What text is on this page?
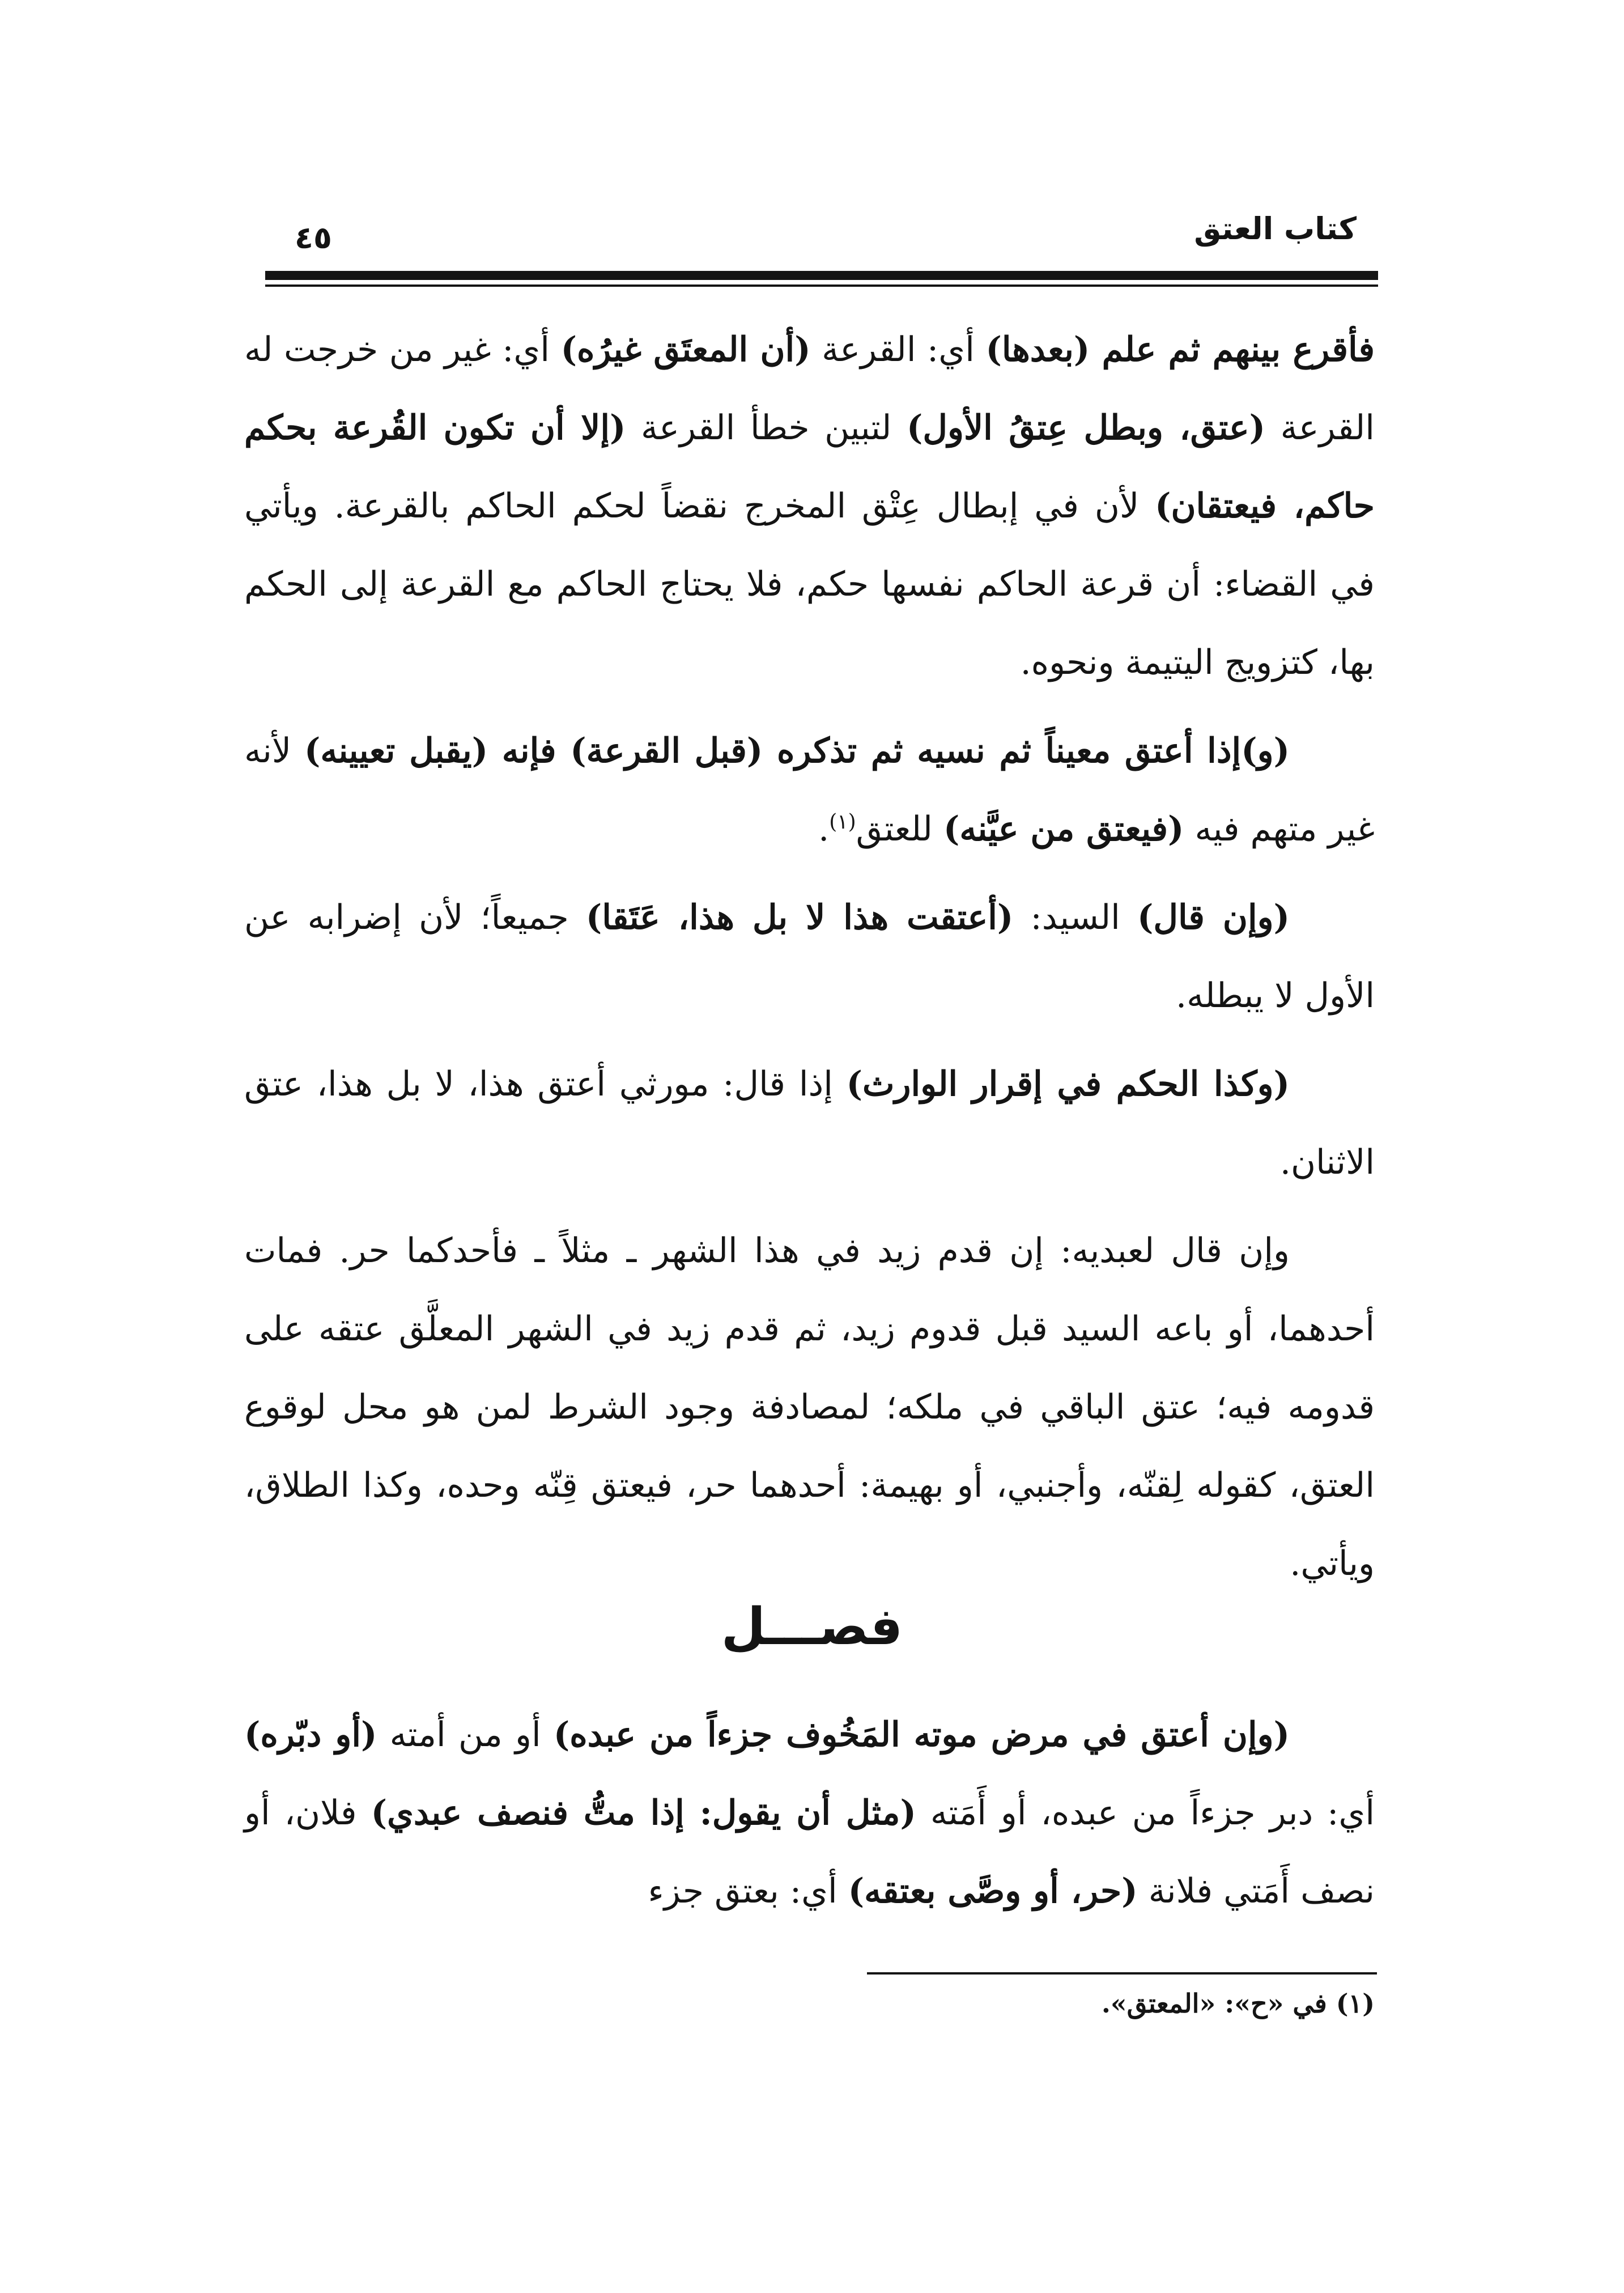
كتاب العتق
٤٥

فأقرع بينهم ثم علم (بعدها) أي: القرعة (أن المعتَق غيرُه) أي: غير من خرجت له القرعة (عتق، وبطل عِتقُ الأول) لتبين خطأ القرعة (إلا أن تكون القُرعة بحكم حاكم، فيعتقان) لأن في إبطال عِتْق المخرج نقضاً لحكم الحاكم بالقرعة. ويأتي في القضاء: أن قرعة الحاكم نفسها حكم، فلا يحتاج الحاكم مع القرعة إلى الحكم بها، كتزويج اليتيمة ونحوه.

(و)إذا أعتق معيناً ثم نسيه ثم تذكره (قبل القرعة) فإنه (يقبل تعيينه) لأنه غير متهم فيه (فيعتق من عيَّنه) للعتق$^{(١)}$.

(وإن قال) السيد: (أعتقت هذا لا بل هذا، عَتَقا) جميعاً؛ لأن إضرابه عن الأول لا يبطله.

(وكذا الحكم في إقرار الوارث) إذا قال: مورثي أعتق هذا، لا بل هذا، عتق الاثنان.

وإن قال لعبديه: إن قدم زيد في هذا الشهر ـ مثلاً ـ فأحدكما حر. فمات أحدهما، أو باعه السيد قبل قدوم زيد، ثم قدم زيد في الشهر المعلَّق عتقه على قدومه فيه؛ عتق الباقي في ملكه؛ لمصادفة وجود الشرط لمن هو محل لوقوع العتق، كقوله لِقنّه، وأجنبي، أو بهيمة: أحدهما حر، فيعتق قِنّه وحده، وكذا الطلاق، ويأتي.

فصـــل

(وإن أعتق في مرض موته المَخُوف جزءاً من عبده) أو من أمته (أو دبّره) أي: دبر جزءاً من عبده، أو أَمَته (مثل أن يقول: إذا متُّ فنصف عبدي) فلان، أو نصف أَمَتي فلانة (حر، أو وصَّى بعتقه) أي: بعتق جزء

(١) في «ح»: «المعتق».
